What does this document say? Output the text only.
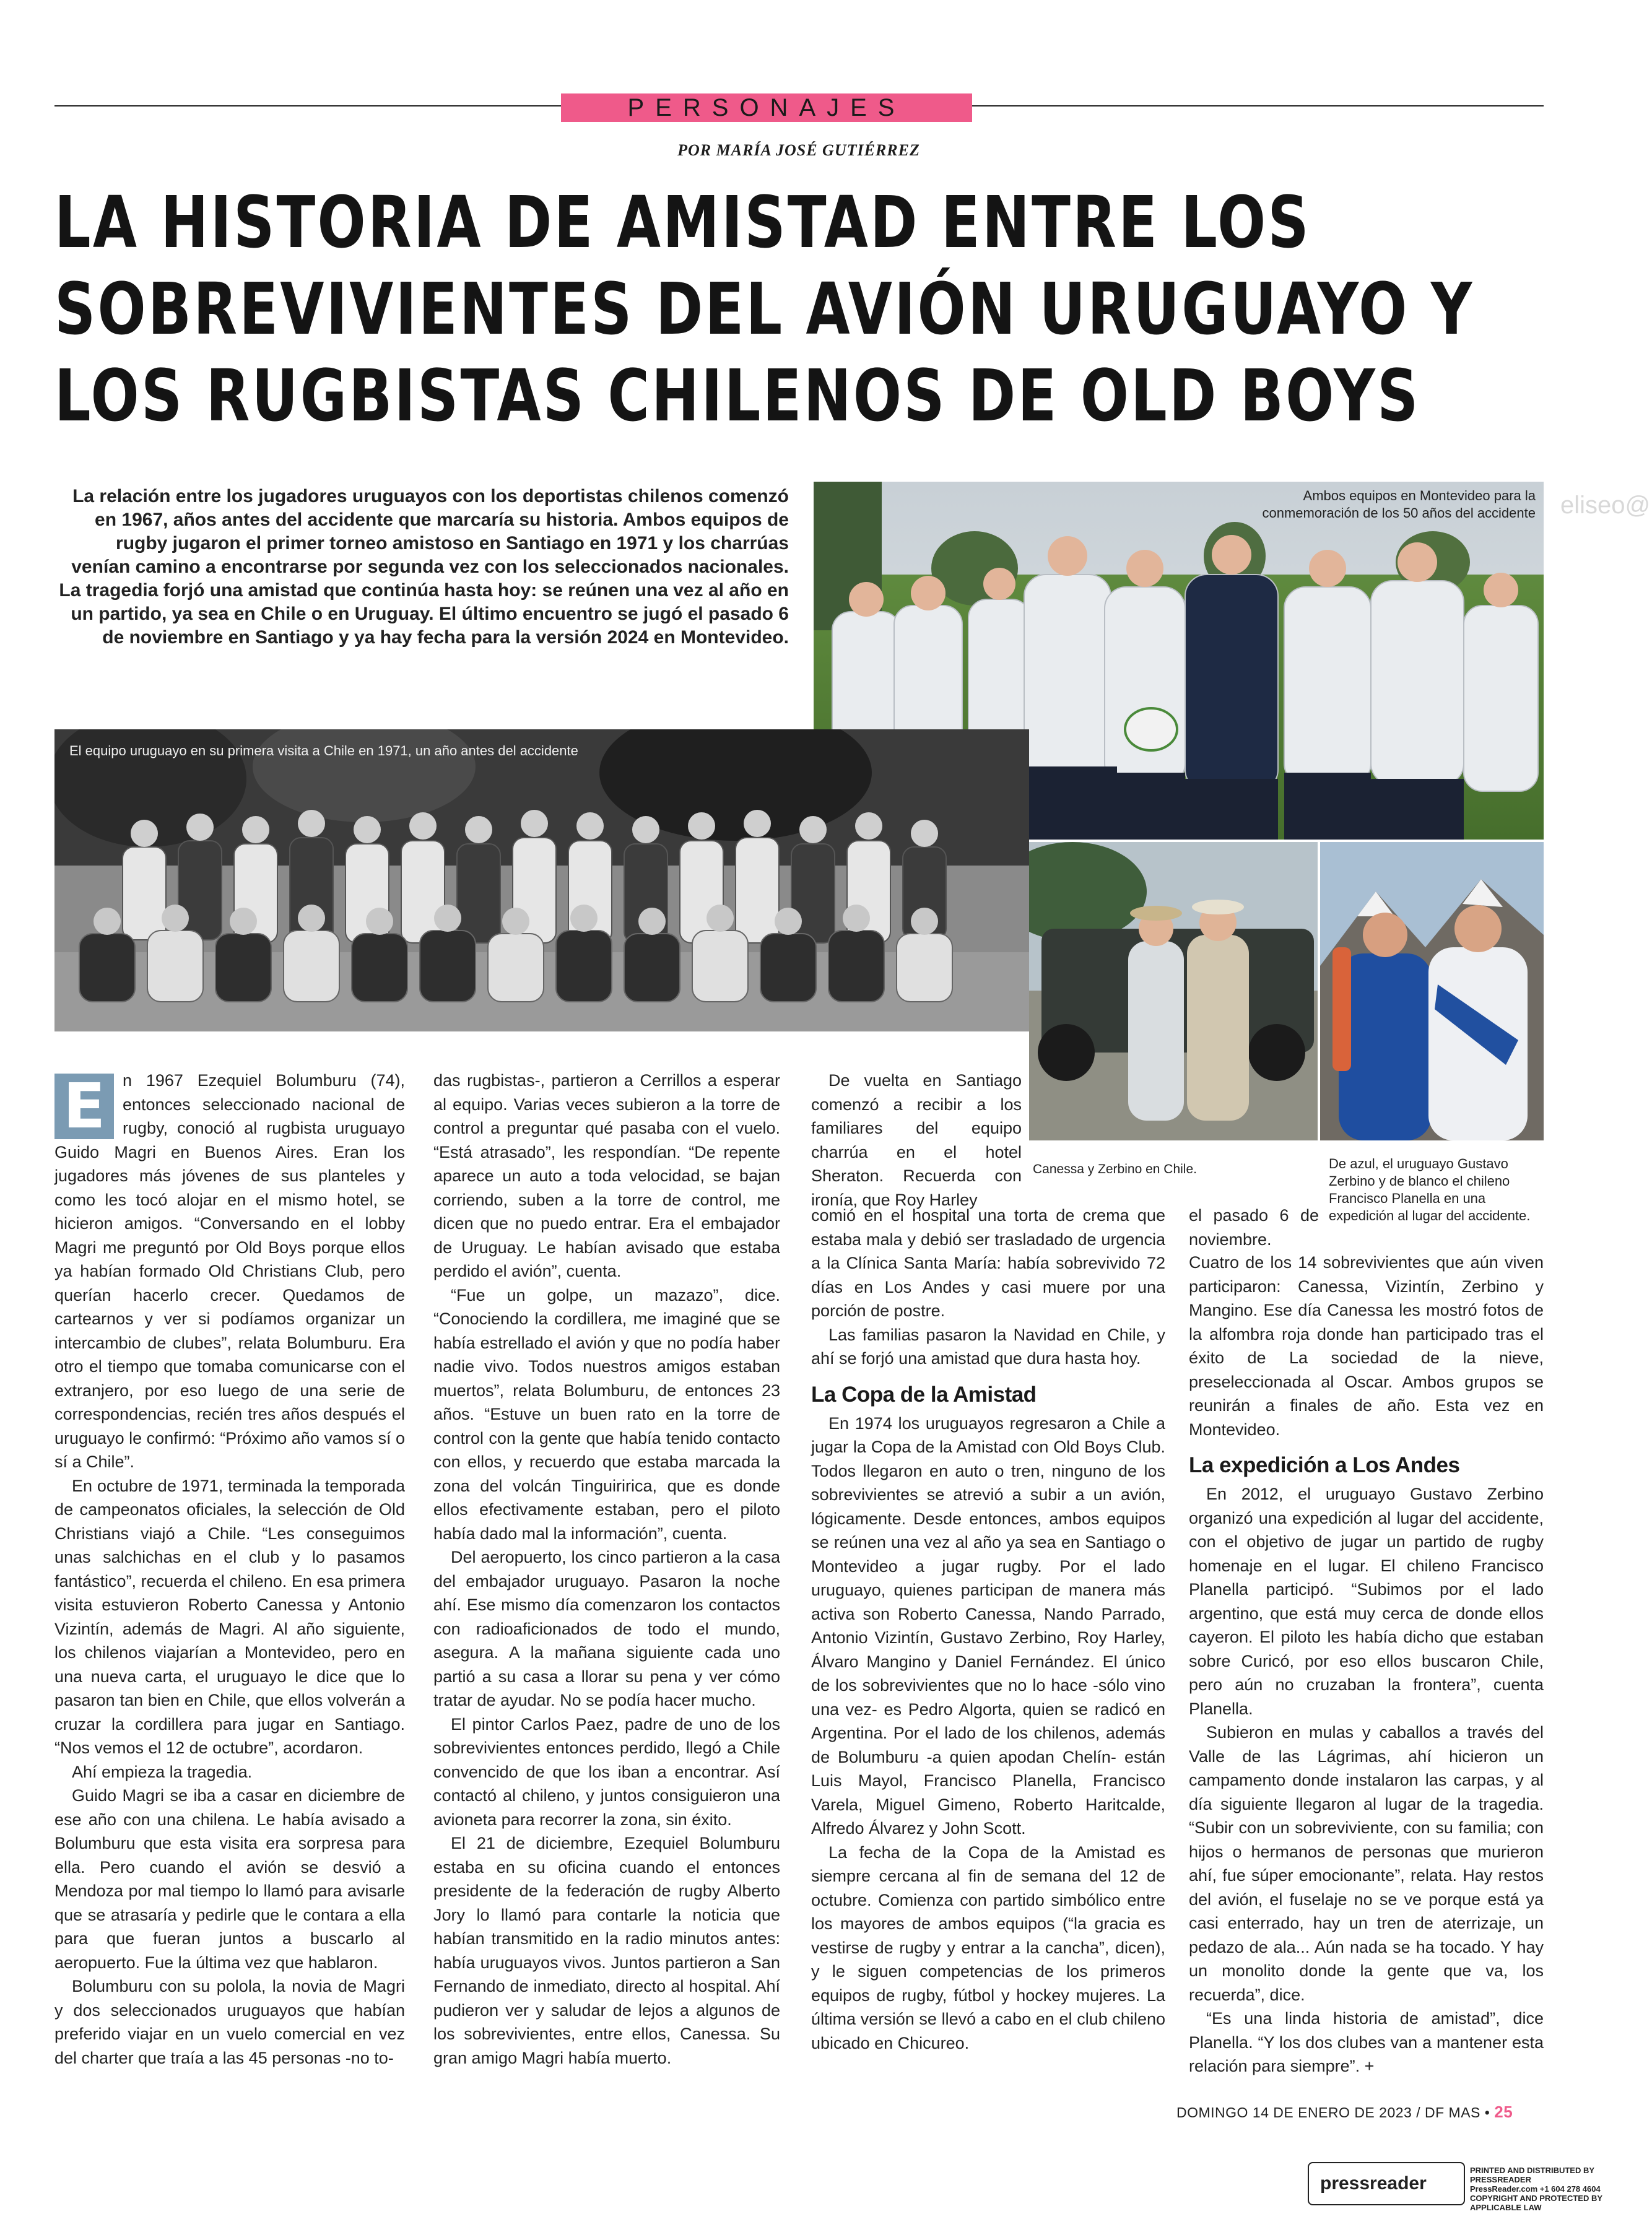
PERSONAJES
POR MARÍA JOSÉ GUTIÉRREZ
LA HISTORIA DE AMISTAD ENTRE LOS
SOBREVIVIENTES DEL AVIÓN URUGUAYO Y
LOS RUGBISTAS CHILENOS DE OLD BOYS

La relación entre los jugadores uruguayos con los deportistas chilenos comenzó en 1967, años antes del accidente que marcaría su historia. Ambos equipos de rugby jugaron el primer torneo amistoso en Santiago en 1971 y los charrúas venían camino a encontrarse por segunda vez con los seleccionados nacionales. La tragedia forjó una amistad que continúa hasta hoy: se reúnen una vez al año en un partido, ya sea en Chile o en Uruguay. El último encuentro se jugó el pasado 6 de noviembre en Santiago y ya hay fecha para la versión 2024 en Montevideo.

Ambos equipos en Montevideo para la conmemoración de los 50 años del accidente eliseo@
El equipo uruguayo en su primera visita a Chile en 1971, un año antes del accidente
Canessa y Zerbino en Chile.	De azul, el uruguayo Gustavo Zerbino y de blanco el chileno Francisco Planella en una expedición al lugar del accidente.
E	n 1967 Ezequiel Bolumburu (74), entonces seleccionado nacional de rugby, conoció al rugbista uruguayo Guido Magri en Buenos Aires. Eran los jugadores más jóvenes de sus planteles y como les tocó alojar en el mismo hotel, se hicieron amigos. “Conversando en el lobby Magri me preguntó por Old Boys porque ellos ya habían formado Old Christians Club, pero querían hacerlo crecer. Quedamos de cartearnos y ver si podíamos organizar un intercambio de clubes”, relata Bolumburu. Era otro el tiempo que tomaba comunicarse con el extranjero, por eso luego de una serie de correspondencias, recién tres años después el uruguayo le confirmó: “Próximo año vamos sí o sí a Chile”.

En octubre de 1971, terminada la temporada de campeonatos oficiales, la selección de Old Christians viajó a Chile. “Les conseguimos unas salchichas en el club y lo pasamos fantástico”, recuerda el chileno. En esa primera visita estuvieron Roberto Canessa y Antonio Vizintín, además de Magri. Al año siguiente, los chilenos viajarían a Montevideo, pero en una nueva carta, el uruguayo le dice que lo pasaron tan bien en Chile, que ellos volverán a cruzar la cordillera para jugar en Santiago. “Nos vemos el 12 de octubre”, acordaron.

Ahí empieza la tragedia.

Guido Magri se iba a casar en diciembre de ese año con una chilena. Le había avisado a Bolumburu que esta visita era sorpresa para ella. Pero cuando el avión se desvió a Mendoza por mal tiempo lo llamó para avisarle que se atrasaría y pedirle que le contara a ella para que fueran juntos a buscarlo al aeropuerto. Fue la última vez que hablaron.

Bolumburu con su polola, la novia de Magri y dos seleccionados uruguayos que habían preferido viajar en un vuelo comercial en vez del charter que traía a las 45 personas -no to-

das rugbistas-, partieron a Cerrillos a esperar al equipo. Varias veces subieron a la torre de control a preguntar qué pasaba con el vuelo. “Está atrasado”, les respondían. “De repente aparece un auto a toda velocidad, se bajan corriendo, suben a la torre de control, me dicen que no puedo entrar. Era el embajador de Uruguay. Le habían avisado que estaba perdido el avión”, cuenta.

“Fue un golpe, un mazazo”, dice. “Conociendo la cordillera, me imaginé que se había estrellado el avión y que no podía haber nadie vivo. Todos nuestros amigos estaban muertos”, relata Bolumburu, de entonces 23 años. “Estuve un buen rato en la torre de control con la gente que había tenido contacto con ellos, y recuerdo que estaba marcada la zona del volcán Tinguiririca, que es donde ellos efectivamente estaban, pero el piloto había dado mal la información”, cuenta.

Del aeropuerto, los cinco partieron a la casa del embajador uruguayo. Pasaron la noche ahí. Ese mismo día comenzaron los contactos con radioaficionados de todo el mundo, asegura. A la mañana siguiente cada uno partió a su casa a llorar su pena y ver cómo tratar de ayudar. No se podía hacer mucho.

El pintor Carlos Paez, padre de uno de los sobrevivientes entonces perdido, llegó a Chile convencido de que los iban a encontrar. Así contactó al chileno, y juntos consiguieron una avioneta para recorrer la zona, sin éxito.

El 21 de diciembre, Ezequiel Bolumburu estaba en su oficina cuando el entonces presidente de la federación de rugby Alberto Jory lo llamó para contarle la noticia que habían transmitido en la radio minutos antes: había uruguayos vivos. Juntos partieron a San Fernando de inmediato, directo al hospital. Ahí pudieron ver y saludar de lejos a algunos de los sobrevivientes, entre ellos, Canessa. Su gran amigo Magri había muerto.

De vuelta en Santiago comenzó a recibir a los familiares del equipo charrúa en el hotel Sheraton. Recuerda con ironía, que Roy Harley

comió en el hospital una torta de crema que estaba mala y debió ser trasladado de urgencia a la Clínica Santa María: había sobrevivido 72 días en Los Andes y casi muere por una porción de postre.

Las familias pasaron la Navidad en Chile, y ahí se forjó una amistad que dura hasta hoy.

La Copa de la Amistad

En 1974 los uruguayos regresaron a Chile a jugar la Copa de la Amistad con Old Boys Club. Todos llegaron en auto o tren, ninguno de los sobrevivientes se atrevió a subir a un avión, lógicamente. Desde entonces, ambos equipos se reúnen una vez al año ya sea en Santiago o Montevideo a jugar rugby. Por el lado uruguayo, quienes participan de manera más activa son Roberto Canessa, Nando Parrado, Antonio Vizintín, Gustavo Zerbino, Roy Harley, Álvaro Mangino y Daniel Fernández. El único de los sobrevivientes que no lo hace -sólo vino una vez- es Pedro Algorta, quien se radicó en Argentina. Por el lado de los chilenos, además de Bolumburu -a quien apodan Chelín- están Luis Mayol, Francisco Planella, Francisco Varela, Miguel Gimeno, Roberto Haritcalde, Alfredo Álvarez y John Scott.

La fecha de la Copa de la Amistad es siempre cercana al fin de semana del 12 de octubre. Comienza con partido simbólico entre los mayores de ambos equipos (“la gracia es vestirse de rugby y entrar a la cancha”, dicen), y le siguen competencias de los primeros equipos de rugby, fútbol y hockey mujeres. La última versión se llevó a cabo en el club chileno ubicado en Chicureo.

el pasado 6 de noviembre.

Cuatro de los 14 sobrevivientes que aún viven participaron: Canessa, Vizintín, Zerbino y Mangino. Ese día Canessa les mostró fotos de la alfombra roja donde han participado tras el éxito de La sociedad de la nieve, preseleccionada al Oscar. Ambos grupos se reunirán a finales de año. Esta vez en Montevideo.

La expedición a Los Andes

En 2012, el uruguayo Gustavo Zerbino organizó una expedición al lugar del accidente, con el objetivo de jugar un partido de rugby homenaje en el lugar. El chileno Francisco Planella participó. “Subimos por el lado argentino, que está muy cerca de donde ellos cayeron. El piloto les había dicho que estaban sobre Curicó, por eso ellos buscaron Chile, pero aún no cruzaban la frontera”, cuenta Planella.

Subieron en mulas y caballos a través del Valle de las Lágrimas, ahí hicieron un campamento donde instalaron las carpas, y al día siguiente llegaron al lugar de la tragedia. “Subir con un sobreviviente, con su familia; con hijos o hermanos de personas que murieron ahí, fue súper emocionante”, relata. Hay restos del avión, el fuselaje no se ve porque está ya casi enterrado, hay un tren de aterrizaje, un pedazo de ala... Aún nada se ha tocado. Y hay un monolito donde la gente que va, los recuerda”, dice.

“Es una linda historia de amistad”, dice Planella. “Y los dos clubes van a mantener esta relación para siempre”. +

DOMINGO 14 DE ENERO DE 2023 / DF MAS • 25
pressreader
PRINTED AND DISTRIBUTED BY PRESSREADER
PressReader.com +1 604 278 4604
COPYRIGHT AND PROTECTED BY APPLICABLE LAW
